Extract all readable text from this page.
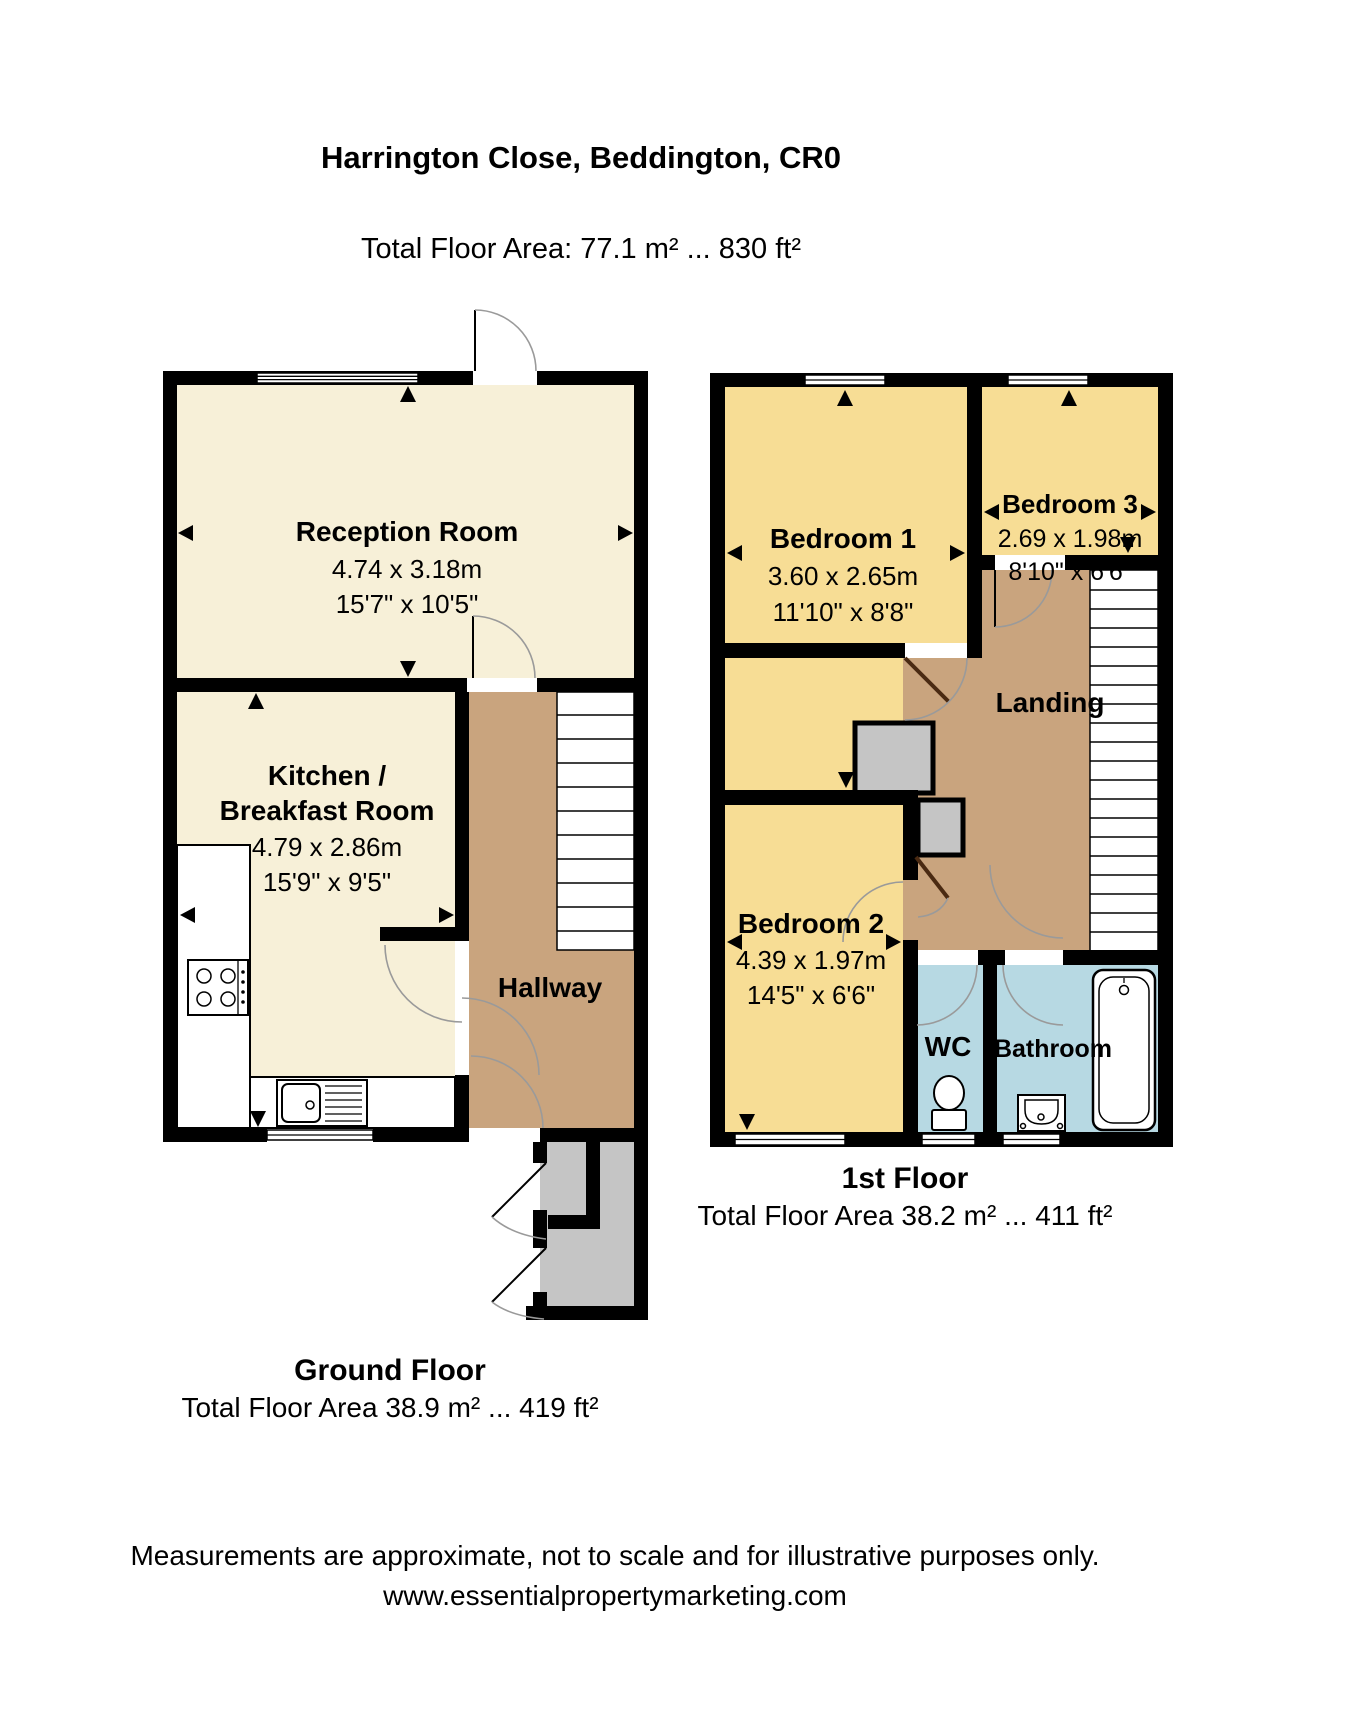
Harrington Close, Beddington, CR0
Total Floor Area: 77.1 m² ... 830 ft²
Reception Room
4.74 x 3.18m
15'7" x 10'5"
Kitchen /
Breakfast Room
4.79 x 2.86m
15'9" x 9'5"
Hallway
Bedroom 1
3.60 x 2.65m
11'10" x 8'8"
Bedroom 3
2.69 x 1.98m
8'10" x 6'6"
Bedroom 2
4.39 x 1.97m
14'5" x 6'6"
Landing
WC Bathroom
Ground Floor
Total Floor Area 38.9 m² ... 419 ft²
1st Floor
Total Floor Area 38.2 m² ... 411 ft²
Measurements are approximate, not to scale and for illustrative purposes only.
www.essentialpropertymarketing.com
